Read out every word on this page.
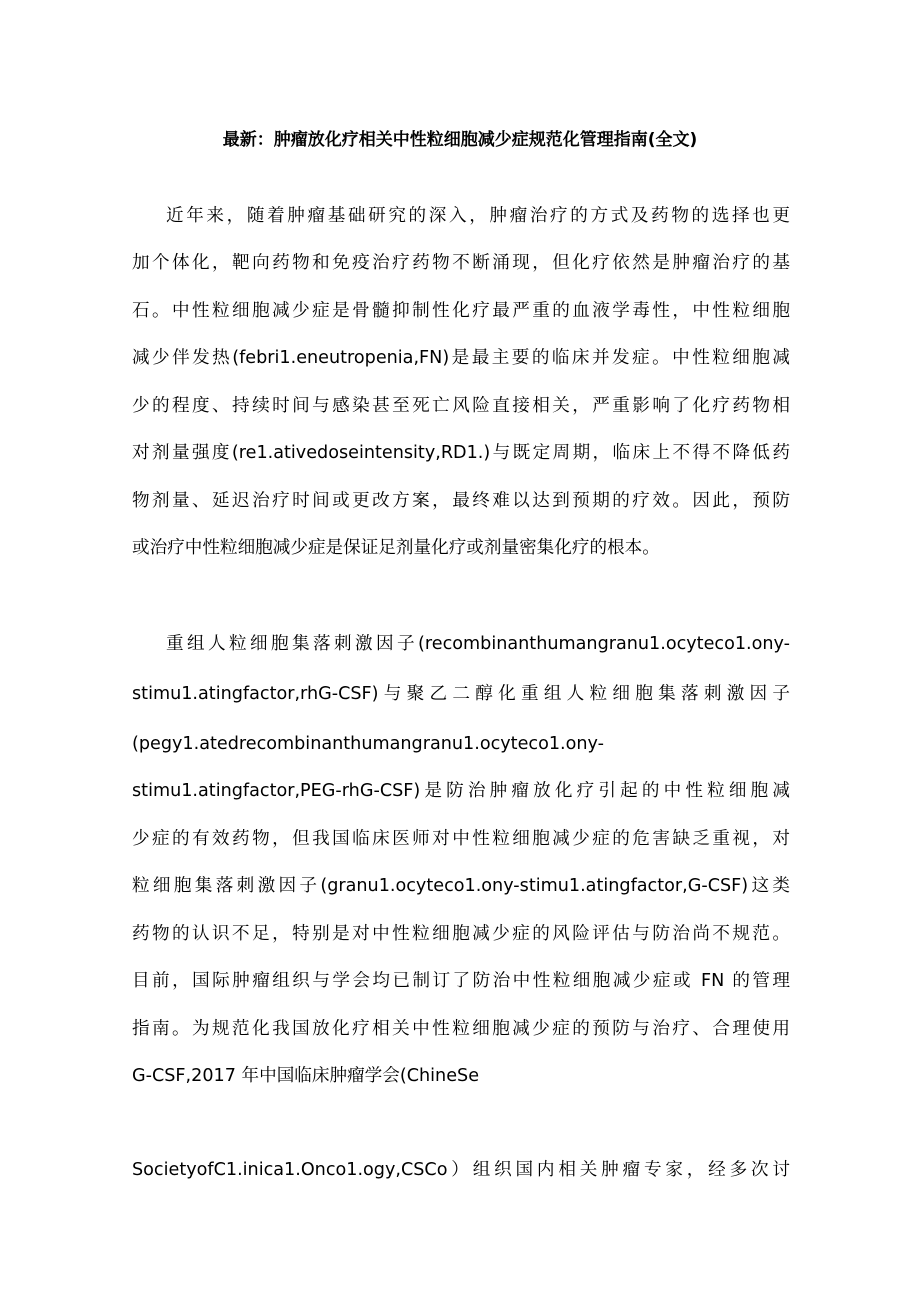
最新：肿瘤放化疗相关中性粒细胞减少症规范化管理指南(全文)
近年来，随着肿瘤基础研究的深入，肿瘤治疗的方式及药物的选择也更
加个体化，靶向药物和免疫治疗药物不断涌现，但化疗依然是肿瘤治疗的基
石。中性粒细胞减少症是骨髓抑制性化疗最严重的血液学毒性，中性粒细胞
减少伴发热(febri1.eneutropenia,FN)是最主要的临床并发症。中性粒细胞减
少的程度、持续时间与感染甚至死亡风险直接相关，严重影响了化疗药物相
对剂量强度(re1.ativedoseintensity,RD1.)与既定周期，临床上不得不降低药
物剂量、延迟治疗时间或更改方案，最终难以达到预期的疗效。因此，预防
或治疗中性粒细胞减少症是保证足剂量化疗或剂量密集化疗的根本。
重组人粒细胞集落刺激因子(recombinanthumangranu1.ocyteco1.ony-
stimu1.atingfactor,rhG-CSF)与聚乙二醇化重组人粒细胞集落刺激因子
(pegy1.atedrecombinanthumangranu1.ocyteco1.ony-
stimu1.atingfactor,PEG-rhG-CSF)是防治肿瘤放化疗引起的中性粒细胞减
少症的有效药物，但我国临床医师对中性粒细胞减少症的危害缺乏重视，对
粒细胞集落刺激因子(granu1.ocyteco1.ony-stimu1.atingfactor,G-CSF)这类
药物的认识不足，特别是对中性粒细胞减少症的风险评估与防治尚不规范。
目前，国际肿瘤组织与学会均已制订了防治中性粒细胞减少症或 FN 的管理
指南。为规范化我国放化疗相关中性粒细胞减少症的预防与治疗、合理使用
G-CSF,2017 年中国临床肿瘤学会(ChineSe
SocietyofC1.inica1.Onco1.ogy,CSCo）组织国内相关肿瘤专家，经多次讨
